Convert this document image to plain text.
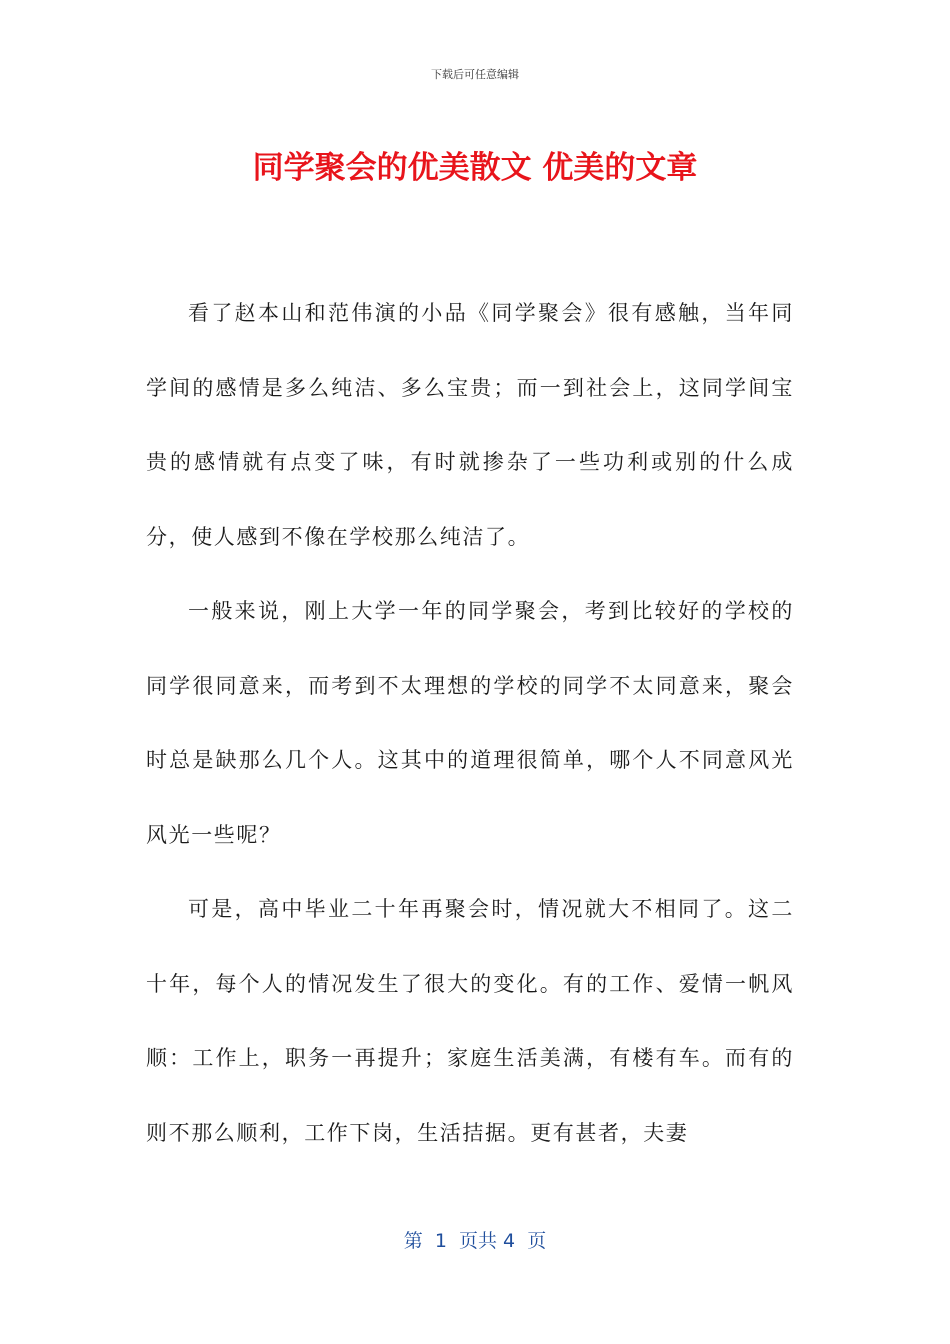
下载后可任意编辑
同学聚会的优美散文 优美的文章

看了赵本山和范伟演的小品《同学聚会》很有感触，当年同学间的感情是多么纯洁、多么宝贵；而一到社会上，这同学间宝贵的感情就有点变了味，有时就掺杂了一些功利或别的什么成分，使人感到不像在学校那么纯洁了。

一般来说，刚上大学一年的同学聚会，考到比较好的学校的同学很同意来，而考到不太理想的学校的同学不太同意来，聚会时总是缺那么几个人。这其中的道理很简单，哪个人不同意风光风光一些呢？

可是，高中毕业二十年再聚会时，情况就大不相同了。这二十年，每个人的情况发生了很大的变化。有的工作、爱情一帆风顺：工作上，职务一再提升；家庭生活美满，有楼有车。而有的则不那么顺利，工作下岗，生活拮据。更有甚者，夫妻

第  1  页共 4  页
